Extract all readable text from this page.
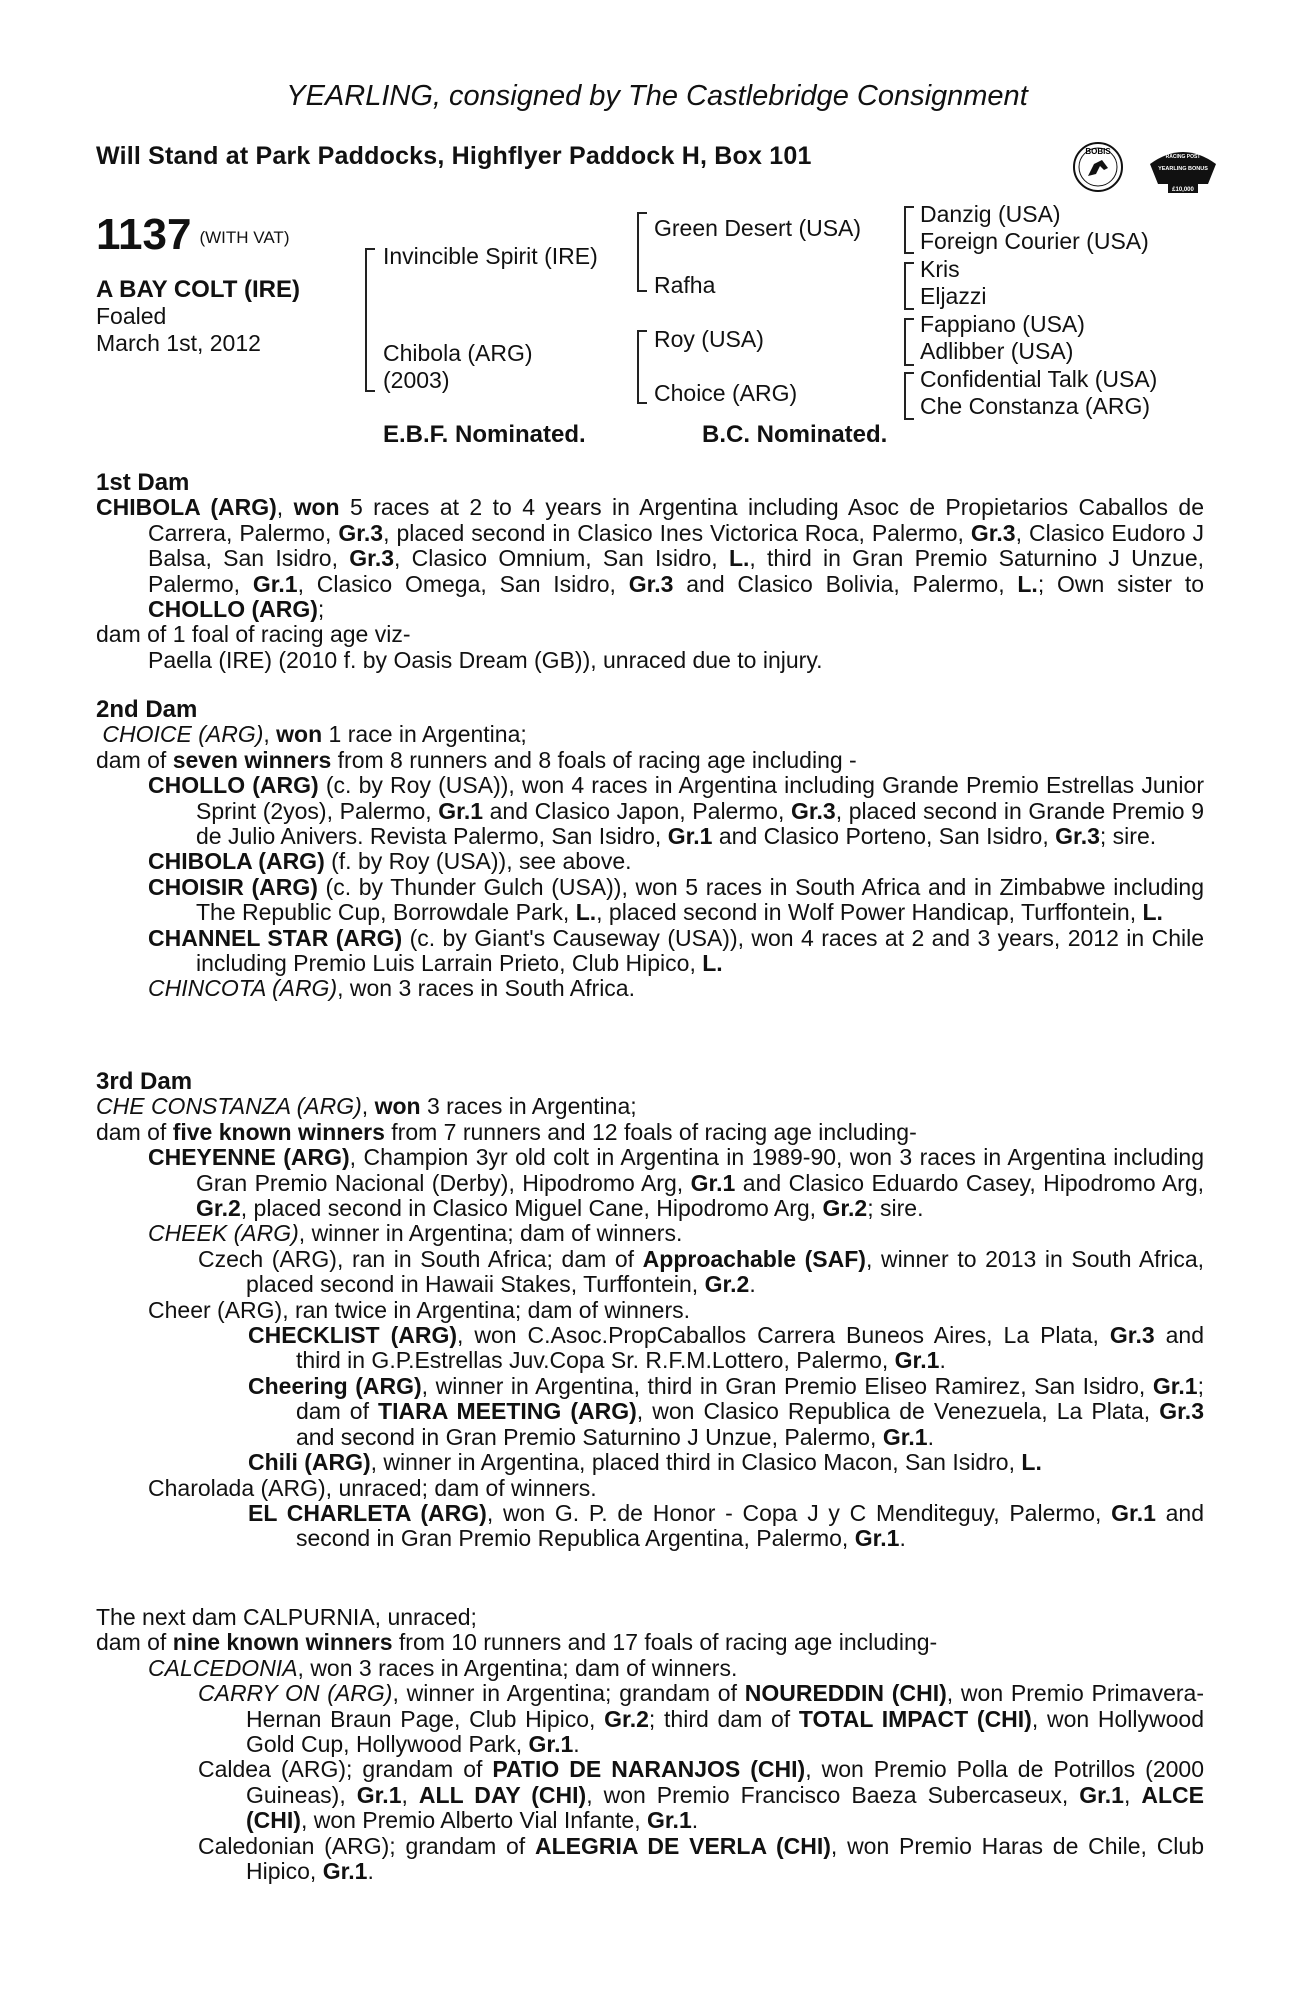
YEARLING, consigned by The Castlebridge Consignment
Will Stand at Park Paddocks, Highflyer Paddock H, Box 101	BOBIS
RACING POST
YEARLING BONUS
£10,000
1137 (WITH VAT)
A BAY COLT (IRE)
Foaled
March 1st, 2012
Invincible Spirit (IRE)
Chibola (ARG)
(2003)
Green Desert (USA)
Rafha
Roy (USA)
Choice (ARG)
Danzig (USA)
Foreign Courier (USA)
Kris
Eljazzi
Fappiano (USA)
Adlibber (USA)
Confidential Talk (USA)
Che Constanza (ARG)
E.B.F. Nominated.	B.C. Nominated.
1st Dam

CHIBOLA (ARG), won 5 races at 2 to 4 years in Argentina including Asoc de Propietarios Caballos de Carrera, Palermo, Gr.3, placed second in Clasico Ines Victorica Roca, Palermo, Gr.3, Clasico Eudoro J Balsa, San Isidro, Gr.3, Clasico Omnium, San Isidro, L., third in Gran Premio Saturnino J Unzue, Palermo, Gr.1, Clasico Omega, San Isidro, Gr.3 and Clasico Bolivia, Palermo, L.; Own sister to CHOLLO (ARG);

dam of 1 foal of racing age viz-

Paella (IRE) (2010 f. by Oasis Dream (GB)), unraced due to injury.

2nd Dam

CHOICE (ARG), won 1 race in Argentina;

dam of seven winners from 8 runners and 8 foals of racing age including -

CHOLLO (ARG) (c. by Roy (USA)), won 4 races in Argentina including Grande Premio Estrellas Junior Sprint (2yos), Palermo, Gr.1 and Clasico Japon, Palermo, Gr.3, placed second in Grande Premio 9 de Julio Anivers. Revista Palermo, San Isidro, Gr.1 and Clasico Porteno, San Isidro, Gr.3; sire.

CHIBOLA (ARG) (f. by Roy (USA)), see above.

CHOISIR (ARG) (c. by Thunder Gulch (USA)), won 5 races in South Africa and in Zimbabwe including The Republic Cup, Borrowdale Park, L., placed second in Wolf Power Handicap, Turffontein, L.

CHANNEL STAR (ARG) (c. by Giant's Causeway (USA)), won 4 races at 2 and 3 years, 2012 in Chile including Premio Luis Larrain Prieto, Club Hipico, L.

CHINCOTA (ARG), won 3 races in South Africa.

3rd Dam

CHE CONSTANZA (ARG), won 3 races in Argentina;

dam of five known winners from 7 runners and 12 foals of racing age including-

CHEYENNE (ARG), Champion 3yr old colt in Argentina in 1989-90, won 3 races in Argentina including Gran Premio Nacional (Derby), Hipodromo Arg, Gr.1 and Clasico Eduardo Casey, Hipodromo Arg, Gr.2, placed second in Clasico Miguel Cane, Hipodromo Arg, Gr.2; sire.

CHEEK (ARG), winner in Argentina; dam of winners.

Czech (ARG), ran in South Africa; dam of Approachable (SAF), winner to 2013 in South Africa, placed second in Hawaii Stakes, Turffontein, Gr.2.

Cheer (ARG), ran twice in Argentina; dam of winners.

CHECKLIST (ARG), won C.Asoc.PropCaballos Carrera Buneos Aires, La Plata, Gr.3 and third in G.P.Estrellas Juv.Copa Sr. R.F.M.Lottero, Palermo, Gr.1.

Cheering (ARG), winner in Argentina, third in Gran Premio Eliseo Ramirez, San Isidro, Gr.1; dam of TIARA MEETING (ARG), won Clasico Republica de Venezuela, La Plata, Gr.3 and second in Gran Premio Saturnino J Unzue, Palermo, Gr.1.

Chili (ARG), winner in Argentina, placed third in Clasico Macon, San Isidro, L.

Charolada (ARG), unraced; dam of winners.

EL CHARLETA (ARG), won G. P. de Honor - Copa J y C Menditeguy, Palermo, Gr.1 and second in Gran Premio Republica Argentina, Palermo, Gr.1.

The next dam CALPURNIA, unraced;

dam of nine known winners from 10 runners and 17 foals of racing age including-

CALCEDONIA, won 3 races in Argentina; dam of winners.

CARRY ON (ARG), winner in Argentina; grandam of NOUREDDIN (CHI), won Premio Primavera-Hernan Braun Page, Club Hipico, Gr.2; third dam of TOTAL IMPACT (CHI), won Hollywood Gold Cup, Hollywood Park, Gr.1.

Caldea (ARG); grandam of PATIO DE NARANJOS (CHI), won Premio Polla de Potrillos (2000 Guineas), Gr.1, ALL DAY (CHI), won Premio Francisco Baeza Subercaseux, Gr.1, ALCE (CHI), won Premio Alberto Vial Infante, Gr.1.

Caledonian (ARG); grandam of ALEGRIA DE VERLA (CHI), won Premio Haras de Chile, Club Hipico, Gr.1.
